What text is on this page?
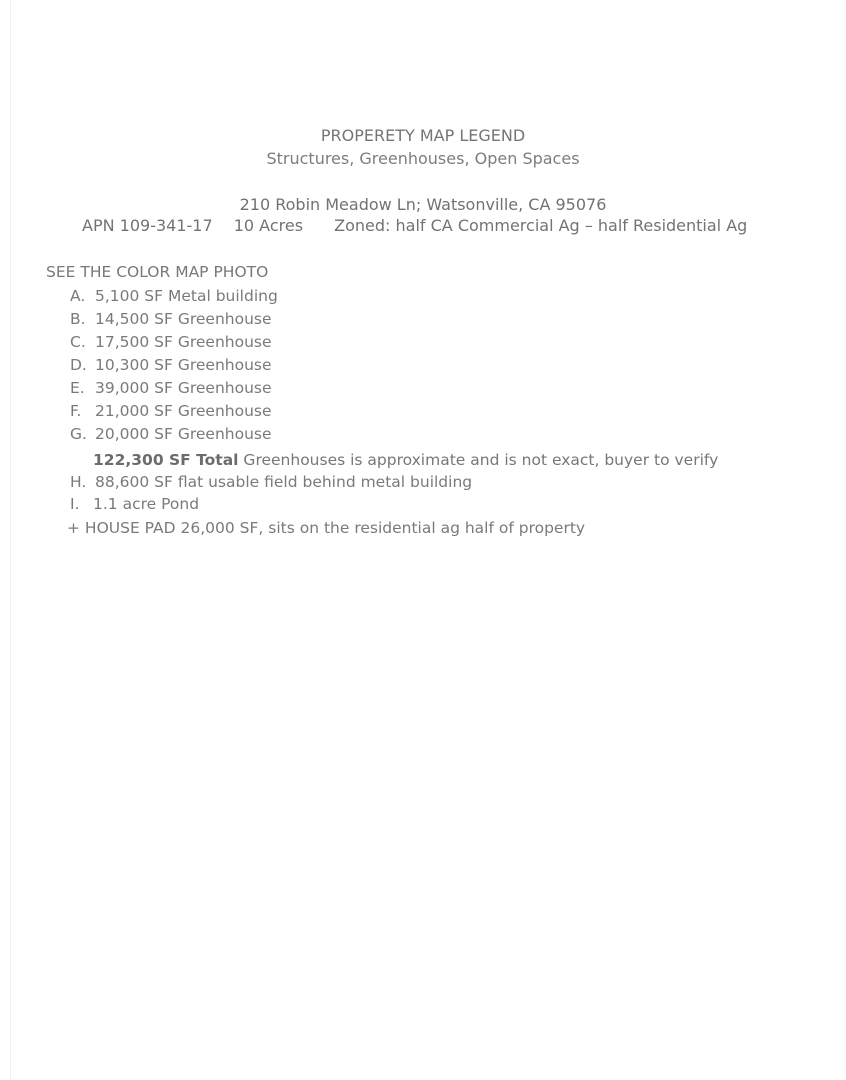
PROPERETY MAP LEGEND
Structures, Greenhouses, Open Spaces
210 Robin Meadow Ln; Watsonville, CA 95076
APN 109-341-17 10 Acres Zoned: half CA Commercial Ag – half Residential Ag
SEE THE COLOR MAP PHOTO
A. 5,100 SF Metal building
B. 14,500 SF Greenhouse
C. 17,500 SF Greenhouse
D. 10,300 SF Greenhouse
E. 39,000 SF Greenhouse
F. 21,000 SF Greenhouse
G. 20,000 SF Greenhouse
122,300 SF Total Greenhouses is approximate and is not exact, buyer to verify
H. 88,600 SF flat usable field behind metal building
I. 1.1 acre Pond
+ HOUSE PAD 26,000 SF, sits on the residential ag half of property
